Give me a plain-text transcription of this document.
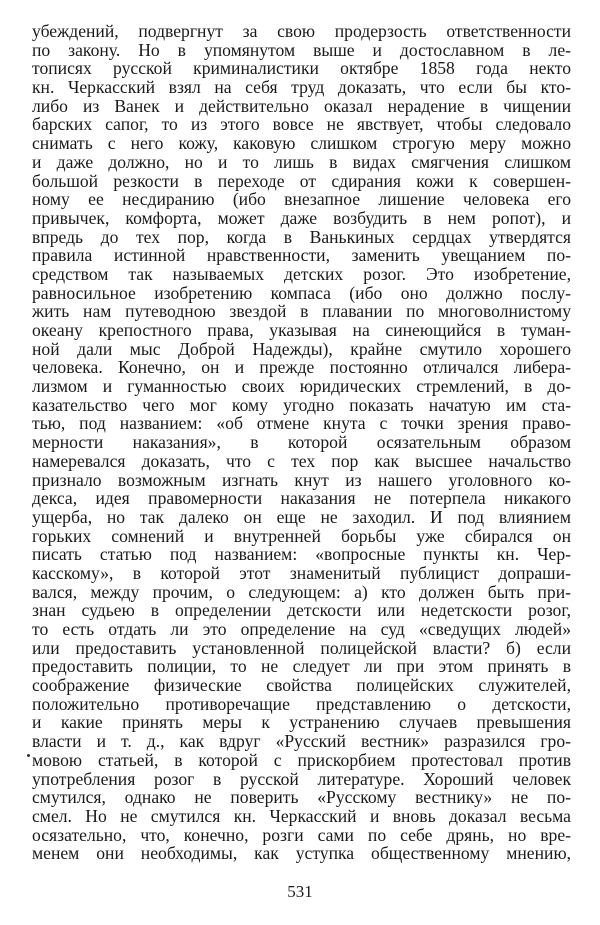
убеждений, подвергнут за свою продерзость ответственности
по закону. Но в упомянутом выше и достославном в ле-
тописях русской криминалистики октябре 1858 года некто
кн. Черкасский взял на себя труд доказать, что если бы кто-
либо из Ванек и действительно оказал нерадение в чищении
барских сапог, то из этого вовсе не явствует, чтобы следовало
снимать с него кожу, каковую слишком строгую меру можно
и даже должно, но и то лишь в видах смягчения слишком
большой резкости в переходе от сдирания кожи к совершен-
ному ее несдиранию (ибо внезапное лишение человека его
привычек, комфорта, может даже возбудить в нем ропот), и
впредь до тех пор, когда в Ванькиных сердцах утвердятся
правила истинной нравственности, заменить увещанием по-
средством так называемых детских розог. Это изобретение,
равносильное изобретению компаса (ибо оно должно послу-
жить нам путеводною звездой в плавании по многоволнистому
океану крепостного права, указывая на синеющийся в туман-
ной дали мыс Доброй Надежды), крайне смутило хорошего
человека. Конечно, он и прежде постоянно отличался либера-
лизмом и гуманностью своих юридических стремлений, в до-
казательство чего мог кому угодно показать начатую им ста-
тью, под названием: «об отмене кнута с точки зрения право-
мерности наказания», в которой осязательным образом
намеревался доказать, что с тех пор как высшее начальство
признало возможным изгнать кнут из нашего уголовного ко-
декса, идея правомерности наказания не потерпела никакого
ущерба, но так далеко он еще не заходил. И под влиянием
горьких сомнений и внутренней борьбы уже сбирался он
писать статью под названием: «вопросные пункты кн. Чер-
касскому», в которой этот знаменитый публицист допраши-
вался, между прочим, о следующем: а) кто должен быть при-
знан судьею в определении детскости или недетскости розог,
то есть отдать ли это определение на суд «сведущих людей»
или предоставить установленной полицейской власти? б) если
предоставить полиции, то не следует ли при этом принять в
соображение физические свойства полицейских служителей,
положительно противоречащие представлению о детскости,
и какие принять меры к устранению случаев превышения
власти и т. д., как вдруг «Русский вестник» разразился гро-
мовою статьей, в которой с прискорбием протестовал против
употребления розог в русской литературе. Хороший человек
смутился, однако не поверить «Русскому вестнику» не по-
смел. Но не смутился кн. Черкасский и вновь доказал весьма
осязательно, что, конечно, розги сами по себе дрянь, но вре-
менем они необходимы, как уступка общественному мнению,
531
